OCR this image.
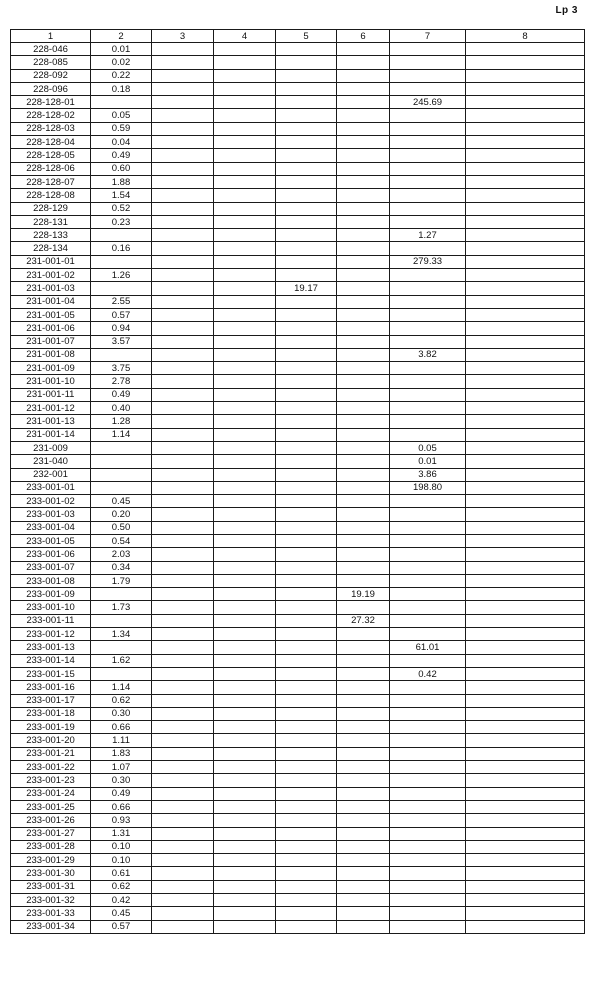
Lp 3
1	2	3	4	5	6	7	8
228-046	0.01						
228-085	0.02						
228-092	0.22						
228-096	0.18						
228-128-01						245.69	
228-128-02	0.05						
228-128-03	0.59						
228-128-04	0.04						
228-128-05	0.49						
228-128-06	0.60						
228-128-07	1.88						
228-128-08	1.54						
228-129	0.52						
228-131	0.23						
228-133						1.27	
228-134	0.16						
231-001-01						279.33	
231-001-02	1.26						
231-001-03				19.17			
231-001-04	2.55						
231-001-05	0.57						
231-001-06	0.94						
231-001-07	3.57						
231-001-08						3.82	
231-001-09	3.75						
231-001-10	2.78						
231-001-11	0.49						
231-001-12	0.40						
231-001-13	1.28						
231-001-14	1.14						
231-009						0.05	
231-040						0.01	
232-001						3.86	
233-001-01						198.80	
233-001-02	0.45						
233-001-03	0.20						
233-001-04	0.50						
233-001-05	0.54						
233-001-06	2.03						
233-001-07	0.34						
233-001-08	1.79						
233-001-09					19.19		
233-001-10	1.73						
233-001-11					27.32		
233-001-12	1.34						
233-001-13						61.01	
233-001-14	1.62						
233-001-15						0.42	
233-001-16	1.14						
233-001-17	0.62						
233-001-18	0.30						
233-001-19	0.66						
233-001-20	1.11						
233-001-21	1.83						
233-001-22	1.07						
233-001-23	0.30						
233-001-24	0.49						
233-001-25	0.66						
233-001-26	0.93						
233-001-27	1.31						
233-001-28	0.10						
233-001-29	0.10						
233-001-30	0.61						
233-001-31	0.62						
233-001-32	0.42						
233-001-33	0.45						
233-001-34	0.57						
